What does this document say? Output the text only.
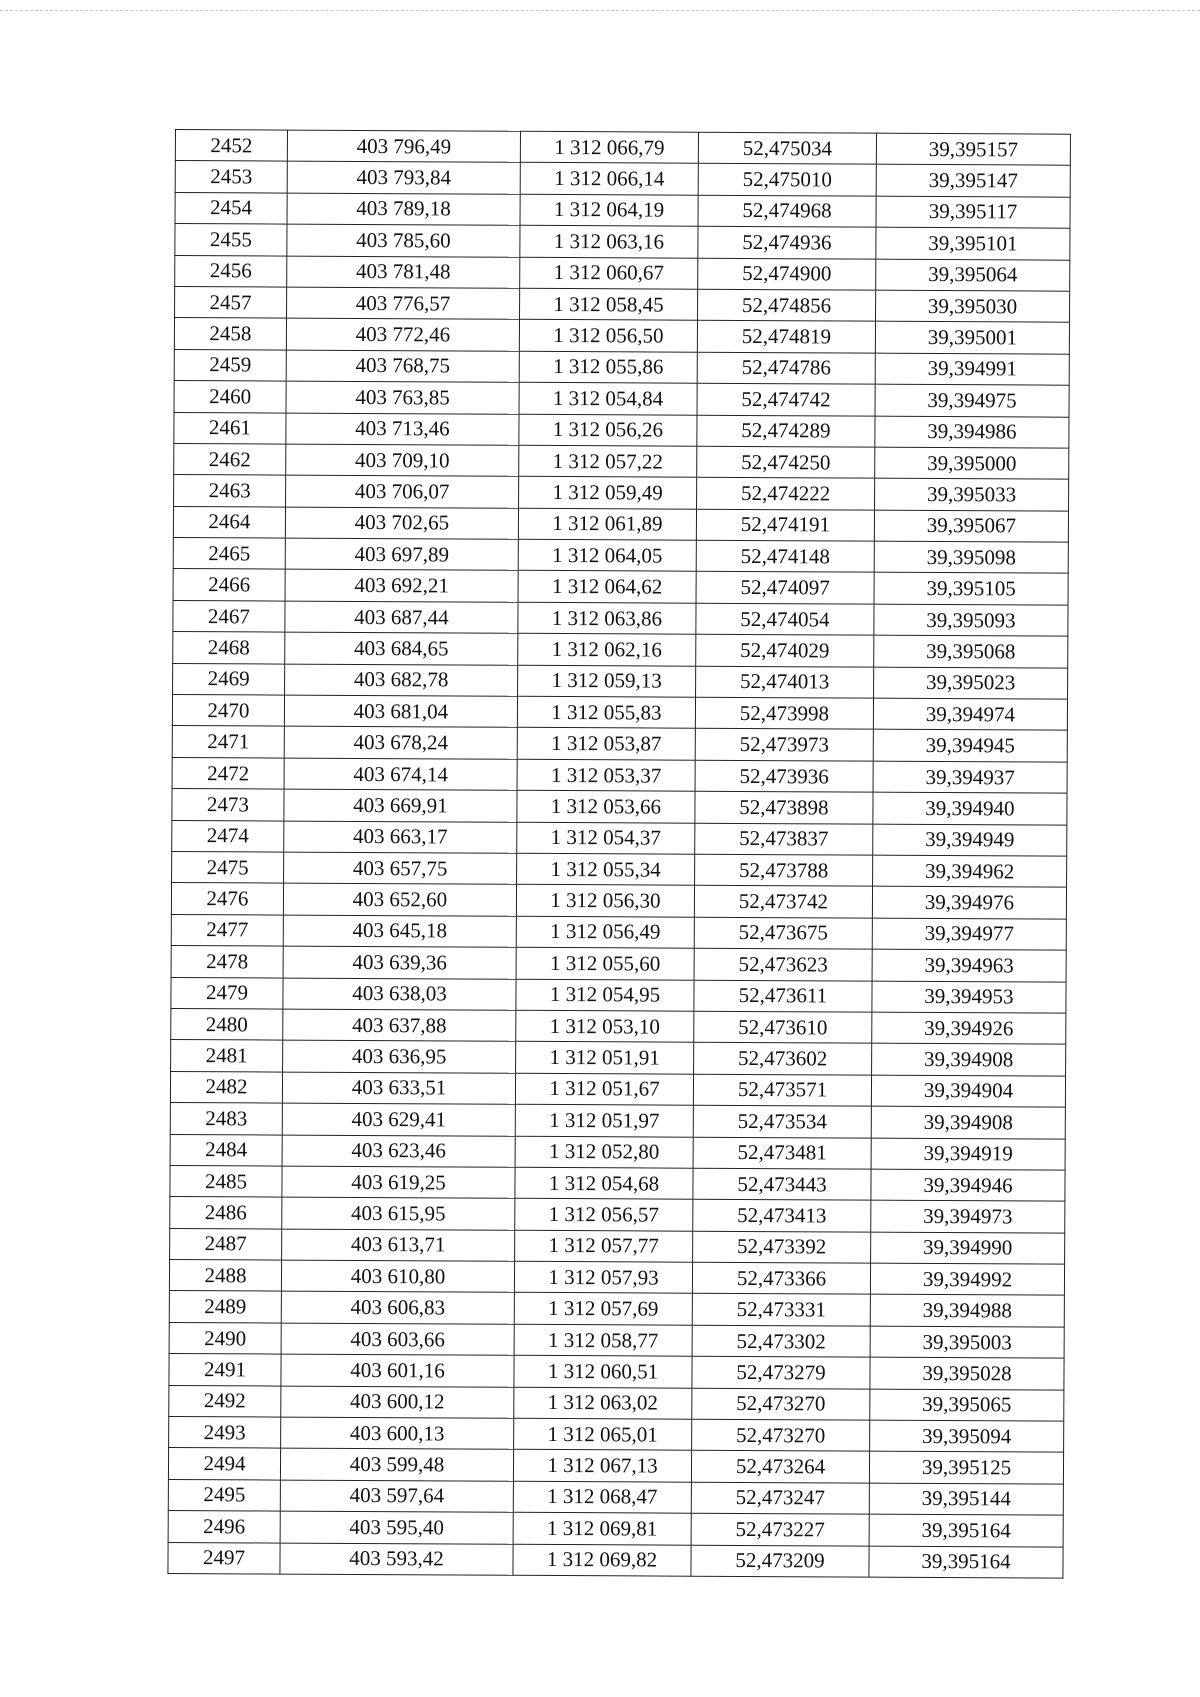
2452	403 796,49	1 312 066,79	52,475034	39,395157
2453	403 793,84	1 312 066,14	52,475010	39,395147
2454	403 789,18	1 312 064,19	52,474968	39,395117
2455	403 785,60	1 312 063,16	52,474936	39,395101
2456	403 781,48	1 312 060,67	52,474900	39,395064
2457	403 776,57	1 312 058,45	52,474856	39,395030
2458	403 772,46	1 312 056,50	52,474819	39,395001
2459	403 768,75	1 312 055,86	52,474786	39,394991
2460	403 763,85	1 312 054,84	52,474742	39,394975
2461	403 713,46	1 312 056,26	52,474289	39,394986
2462	403 709,10	1 312 057,22	52,474250	39,395000
2463	403 706,07	1 312 059,49	52,474222	39,395033
2464	403 702,65	1 312 061,89	52,474191	39,395067
2465	403 697,89	1 312 064,05	52,474148	39,395098
2466	403 692,21	1 312 064,62	52,474097	39,395105
2467	403 687,44	1 312 063,86	52,474054	39,395093
2468	403 684,65	1 312 062,16	52,474029	39,395068
2469	403 682,78	1 312 059,13	52,474013	39,395023
2470	403 681,04	1 312 055,83	52,473998	39,394974
2471	403 678,24	1 312 053,87	52,473973	39,394945
2472	403 674,14	1 312 053,37	52,473936	39,394937
2473	403 669,91	1 312 053,66	52,473898	39,394940
2474	403 663,17	1 312 054,37	52,473837	39,394949
2475	403 657,75	1 312 055,34	52,473788	39,394962
2476	403 652,60	1 312 056,30	52,473742	39,394976
2477	403 645,18	1 312 056,49	52,473675	39,394977
2478	403 639,36	1 312 055,60	52,473623	39,394963
2479	403 638,03	1 312 054,95	52,473611	39,394953
2480	403 637,88	1 312 053,10	52,473610	39,394926
2481	403 636,95	1 312 051,91	52,473602	39,394908
2482	403 633,51	1 312 051,67	52,473571	39,394904
2483	403 629,41	1 312 051,97	52,473534	39,394908
2484	403 623,46	1 312 052,80	52,473481	39,394919
2485	403 619,25	1 312 054,68	52,473443	39,394946
2486	403 615,95	1 312 056,57	52,473413	39,394973
2487	403 613,71	1 312 057,77	52,473392	39,394990
2488	403 610,80	1 312 057,93	52,473366	39,394992
2489	403 606,83	1 312 057,69	52,473331	39,394988
2490	403 603,66	1 312 058,77	52,473302	39,395003
2491	403 601,16	1 312 060,51	52,473279	39,395028
2492	403 600,12	1 312 063,02	52,473270	39,395065
2493	403 600,13	1 312 065,01	52,473270	39,395094
2494	403 599,48	1 312 067,13	52,473264	39,395125
2495	403 597,64	1 312 068,47	52,473247	39,395144
2496	403 595,40	1 312 069,81	52,473227	39,395164
2497	403 593,42	1 312 069,82	52,473209	39,395164
